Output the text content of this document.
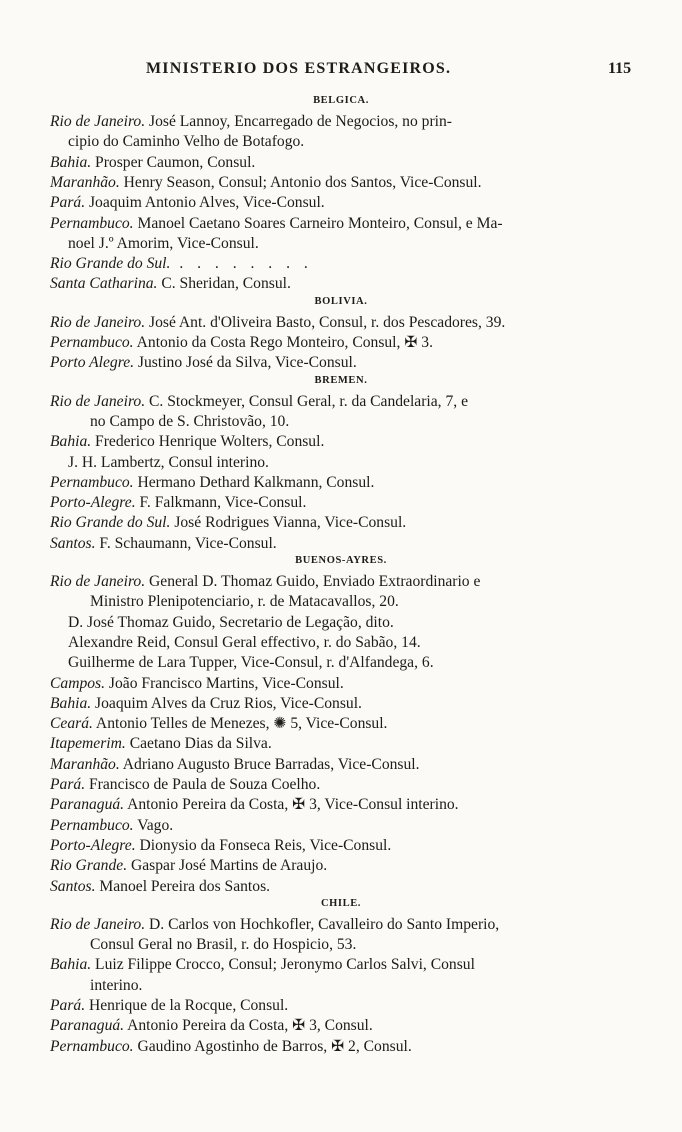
MINISTERIO DOS ESTRANGEIROS.	115
BELGICA.
Rio de Janeiro. José Lannoy, Encarregado de Negocios, no prin-
cipio do Caminho Velho de Botafogo.
Bahia. Prosper Caumon, Consul.
Maranhão. Henry Season, Consul; Antonio dos Santos, Vice-Consul.
Pará. Joaquim Antonio Alves, Vice-Consul.
Pernambuco. Manoel Caetano Soares Carneiro Monteiro, Consul, e Ma-
noel J.º Amorim, Vice-Consul.
Rio Grande do Sul. . . . . . . . .
Santa Catharina. C. Sheridan, Consul.
BOLIVIA.
Rio de Janeiro. José Ant. d'Oliveira Basto, Consul, r. dos Pescadores, 39.
Pernambuco. Antonio da Costa Rego Monteiro, Consul, ✠ 3.
Porto Alegre. Justino José da Silva, Vice-Consul.
BREMEN.
Rio de Janeiro. C. Stockmeyer, Consul Geral, r. da Candelaria, 7, e
no Campo de S. Christovão, 10.
Bahia. Frederico Henrique Wolters, Consul.
J. H. Lambertz, Consul interino.
Pernambuco. Hermano Dethard Kalkmann, Consul.
Porto-Alegre. F. Falkmann, Vice-Consul.
Rio Grande do Sul. José Rodrigues Vianna, Vice-Consul.
Santos. F. Schaumann, Vice-Consul.
BUENOS-AYRES.
Rio de Janeiro. General D. Thomaz Guido, Enviado Extraordinario e
Ministro Plenipotenciario, r. de Matacavallos, 20.
D. José Thomaz Guido, Secretario de Legação, dito.
Alexandre Reid, Consul Geral effectivo, r. do Sabão, 14.
Guilherme de Lara Tupper, Vice-Consul, r. d'Alfandega, 6.
Campos. João Francisco Martins, Vice-Consul.
Bahia. Joaquim Alves da Cruz Rios, Vice-Consul.
Ceará. Antonio Telles de Menezes, ✺ 5, Vice-Consul.
Itapemerim. Caetano Dias da Silva.
Maranhão. Adriano Augusto Bruce Barradas, Vice-Consul.
Pará. Francisco de Paula de Souza Coelho.
Paranaguá. Antonio Pereira da Costa, ✠ 3, Vice-Consul interino.
Pernambuco. Vago.
Porto-Alegre. Dionysio da Fonseca Reis, Vice-Consul.
Rio Grande. Gaspar José Martins de Araujo.
Santos. Manoel Pereira dos Santos.
CHILE.
Rio de Janeiro. D. Carlos von Hochkofler, Cavalleiro do Santo Imperio,
Consul Geral no Brasil, r. do Hospicio, 53.
Bahia. Luiz Filippe Crocco, Consul; Jeronymo Carlos Salvi, Consul
interino.
Pará. Henrique de la Rocque, Consul.
Paranaguá. Antonio Pereira da Costa, ✠ 3, Consul.
Pernambuco. Gaudino Agostinho de Barros, ✠ 2, Consul.
